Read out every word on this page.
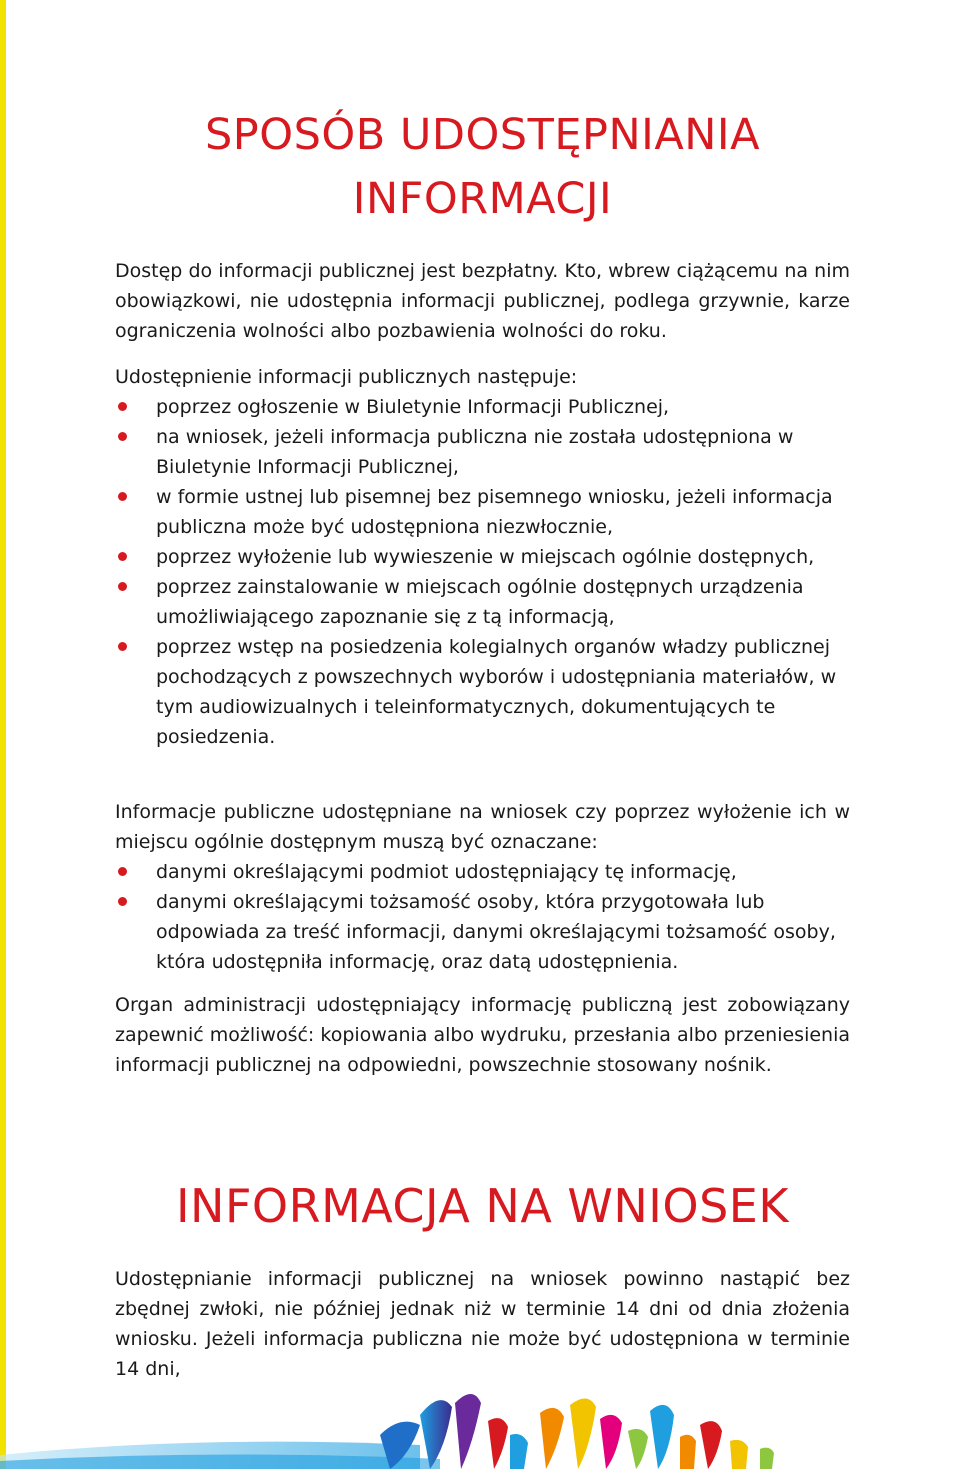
SPOSÓB UDOSTĘPNIANIA
INFORMACJI

Dostęp do informacji publicznej jest bezpłatny. Kto, wbrew ciążącemu na nim obowiązkowi, nie udostępnia informacji publicznej, podlega grzywnie, karze ograniczenia wolności albo pozbawienia wolności do roku.

Udostępnienie informacji publicznych następuje:

poprzez ogłoszenie w Biuletynie Informacji Publicznej,
na wniosek, jeżeli informacja publiczna nie została udostępniona w Biuletynie Informacji Publicznej,
w formie ustnej lub pisemnej bez pisemnego wniosku, jeżeli informacja publiczna może być udostępniona niezwłocznie,
poprzez wyłożenie lub wywieszenie w miejscach ogólnie dostępnych,
poprzez zainstalowanie w miejscach ogólnie dostępnych urządzenia umożliwiającego zapoznanie się z tą informacją,
poprzez wstęp na posiedzenia kolegialnych organów władzy publicznej pochodzących z powszechnych wyborów i udostępniania materiałów, w tym audiowizualnych i teleinformatycznych, dokumentujących te posiedzenia.

Informacje publiczne udostępniane na wniosek czy poprzez wyłożenie ich w miejscu ogólnie dostępnym muszą być oznaczane:

danymi określającymi podmiot udostępniający tę informację,
danymi określającymi tożsamość osoby, która przygotowała lub odpowiada za treść informacji, danymi określającymi tożsamość osoby, która udostępniła informację, oraz datą udostępnienia.

Organ administracji udostępniający informację publiczną jest zobowiązany zapewnić możliwość: kopiowania albo wydruku, przesłania albo przeniesienia informacji publicznej na odpowiedni, powszechnie stosowany nośnik.

INFORMACJA NA WNIOSEK

Udostępnianie informacji publicznej na wniosek powinno nastąpić bez zbędnej zwłoki, nie później jednak niż w terminie 14 dni od dnia złożenia wniosku. Jeżeli informacja publiczna nie może być udostępniona w terminie 14 dni,
